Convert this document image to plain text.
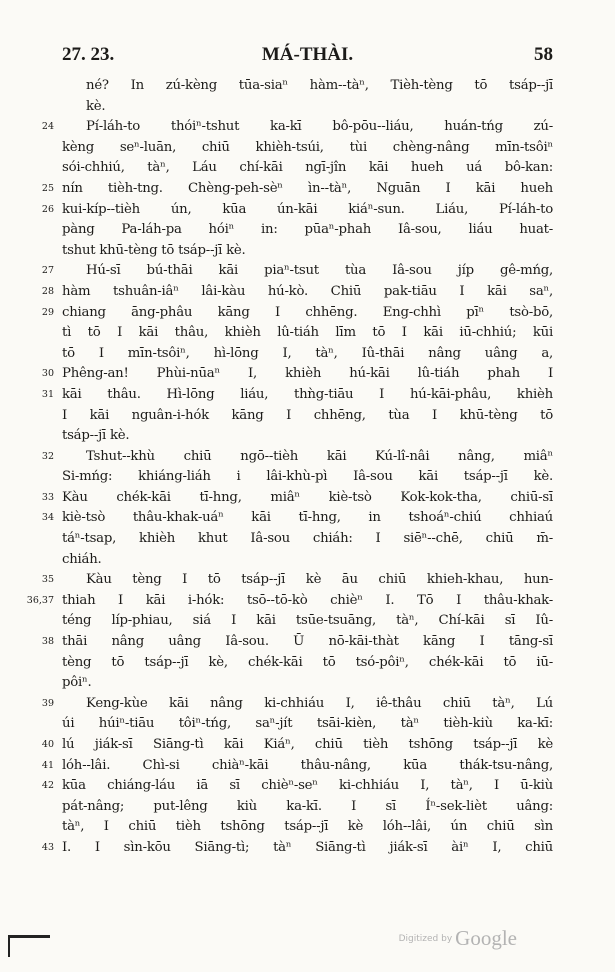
27. 23.	MÁ-THÀI.	58
né? In zú-kèng tūa-siaⁿ hàm--tàⁿ, Tièh-tèng tō tsáp--jī
kè.
24 Pí-láh-to thóiⁿ-tshut ka-kī bô-pōu--liáu, huán-tńg zú-
kèng seⁿ-luān, chiū khièh-tsúi, tùi chèng-nâng mīn-tsôiⁿ
sói-chhiú, tàⁿ, Láu chí-kāi ngī-jîn kāi hueh uá bô-kan:
25 nín tièh-tng. Chèng-peh-sèⁿ ìn--tàⁿ, Nguān I kāi hueh
26 kui-kíp--tièh ún, kūa ún-kāi kiáⁿ-sun. Liáu, Pí-láh-to
pàng Pa-láh-pa hóiⁿ in: pūaⁿ-phah Iâ-sou, liáu huat-
tshut khū-tèng tō tsáp--jī kè.
27 Hú-sī bú-thāi kāi piaⁿ-tsut tùa Iâ-sou jíp gê-mńg,
28 hàm tshuân-iâⁿ lâi-kàu hú-kò. Chiū pak-tiāu I kāi saⁿ,
29 chiang āng-phâu kāng I chhēng. Eng-chhì pīⁿ tsò-bō,
tì tō I kāi thâu, khièh lû-tiáh līm tō I kāi iū-chhiú; kūi
tō I mīn-tsôiⁿ, hì-lōng I, tàⁿ, Iû-thāi nâng uâng a,
30 Phêng-an! Phùi-nūaⁿ I, khièh hú-kāi lû-tiáh phah I
31 kāi thâu. Hì-lōng liáu, thǹg-tiāu I hú-kāi-phâu, khièh
I kāi nguân-i-hók kāng I chhēng, tùa I khū-tèng tō
tsáp--jī kè.
32 Tshut--khù chiū ngō--tièh kāi Kú-lî-nâi nâng, miâⁿ
Si-mńg: khiáng-liáh i lâi-khù-pì Iâ-sou kāi tsáp--jī kè.
33 Kàu chék-kāi tī-hng, miâⁿ kiè-tsò Kok-kok-tha, chiū-sī
34 kiè-tsò thâu-khak-uáⁿ kāi tī-hng, in tshoáⁿ-chiú chhiaú
táⁿ-tsap, khièh khut Iâ-sou chiáh: I siēⁿ--chē, chiū m̄-
chiáh.
35 Kàu tèng I tō tsáp--jī kè āu chiū khieh-khau, hun-
36,37 thiah I kāi i-hók: tsō--tō-kò chièⁿ I. Tō I thâu-khak-
téng líp-phiau, siá I kāi tsūe-tsuāng, tàⁿ, Chí-kāi sī Iû-
38 thāi nâng uâng Iâ-sou. Ū nō-kāi-thàt kāng I tāng-sī
tèng tō tsáp--jī kè, chék-kāi tō tsó-pôiⁿ, chék-kāi tō iū-
pôiⁿ.
39 Keng-kùe kāi nâng ki-chhiáu I, iê-thâu chiū tàⁿ, Lú
úi húiⁿ-tiāu tôiⁿ-tńg, saⁿ-jít tsāi-kièn, tàⁿ tièh-kiù ka-kī:
40 lú jiák-sī Siāng-tì kāi Kiáⁿ, chiū tièh tshōng tsáp--jī kè
41 lóh--lâi. Chì-si chiàⁿ-kāi thâu-nâng, kūa thák-tsu-nâng,
42 kūa chiáng-láu iā sī chièⁿ-seⁿ ki-chhiáu I, tàⁿ, I ū-kiù
pát-nâng; put-lêng kiù ka-kī. I sī Íⁿ-sek-lièt uâng:
tàⁿ, I chiū tièh tshōng tsáp--jī kè lóh--lâi, ún chiū sìn
43 I. I sìn-kōu Siāng-tì; tàⁿ Siāng-tì jiák-sī àiⁿ I, chiū
Digitized by Google
